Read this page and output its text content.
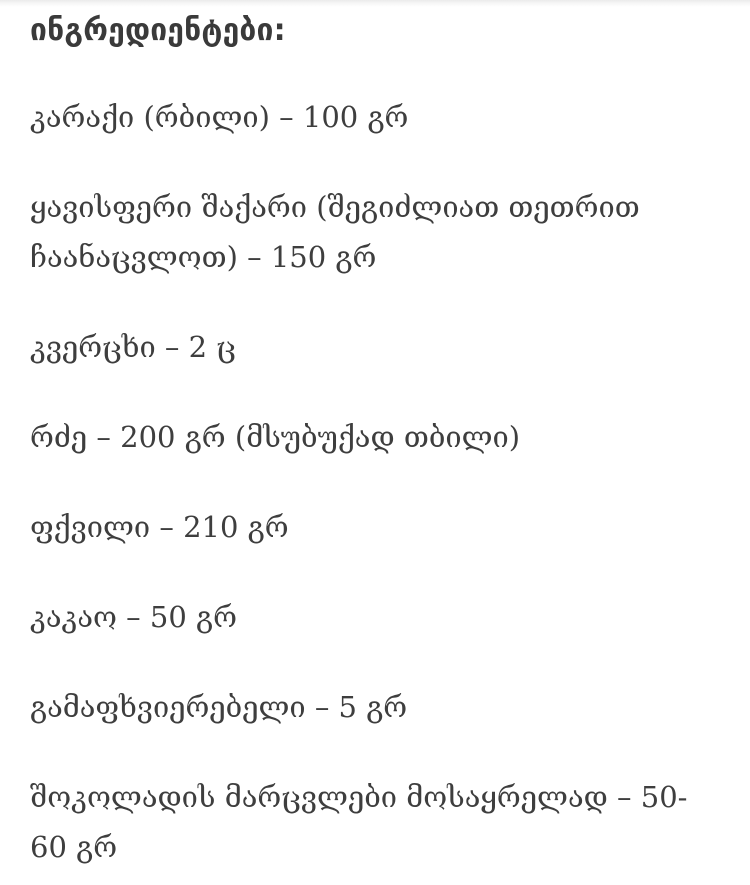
ინგრედიენტები:

კარაქი (რბილი) – 100 გრ

ყავისფერი შაქარი (შეგიძლიათ თეთრით
ჩაანაცვლოთ) – 150 გრ

კვერცხი – 2 ც

რძე – 200 გრ (მსუბუქად თბილი)

ფქვილი – 210 გრ

კაკაო – 50 გრ

გამაფხვიერებელი – 5 გრ

შოკოლადის მარცვლები მოსაყრელად – 50-
60 გრ
